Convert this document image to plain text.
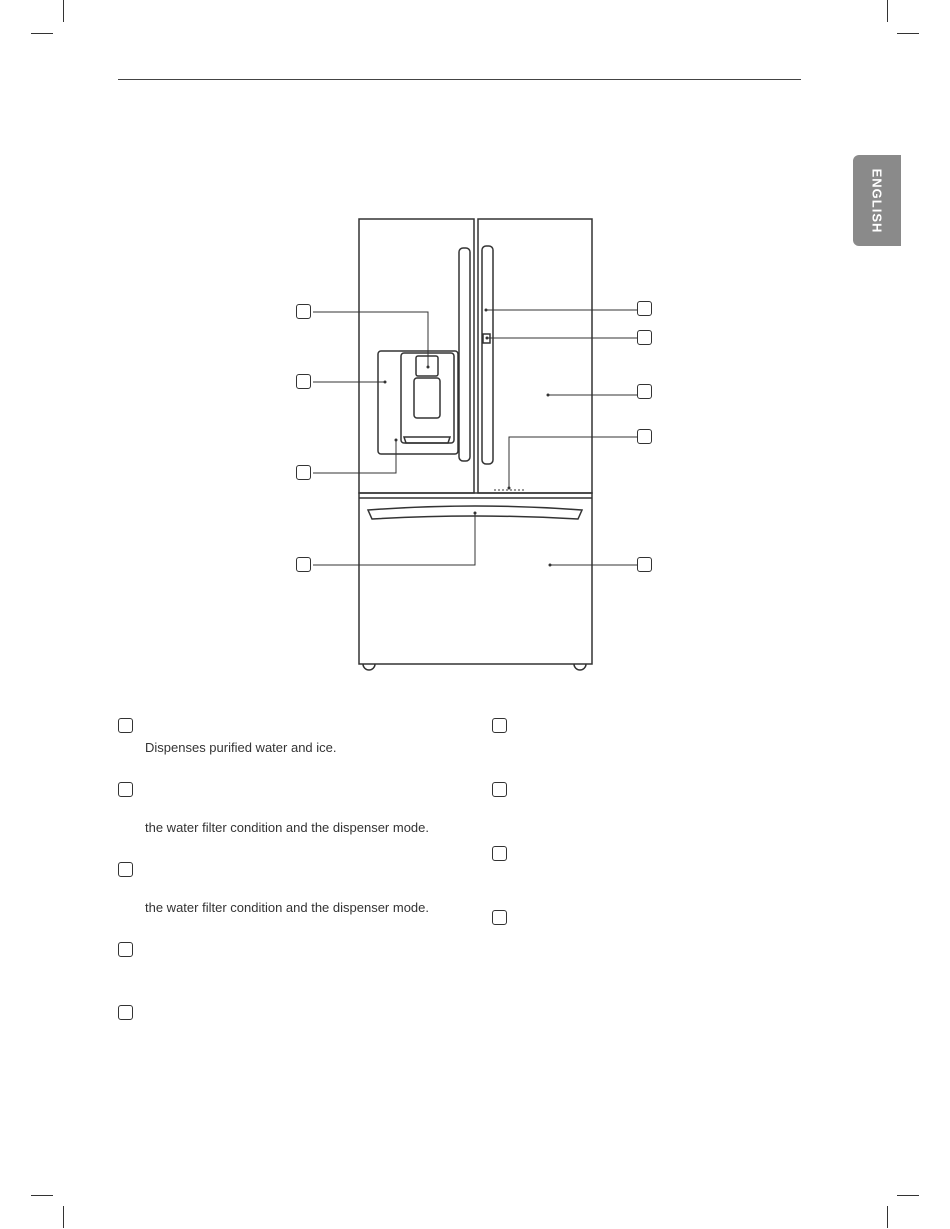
ENGLISH
Dispenses purified water and ice.
the water filter condition and the dispenser mode.
the water filter condition and the dispenser mode.
